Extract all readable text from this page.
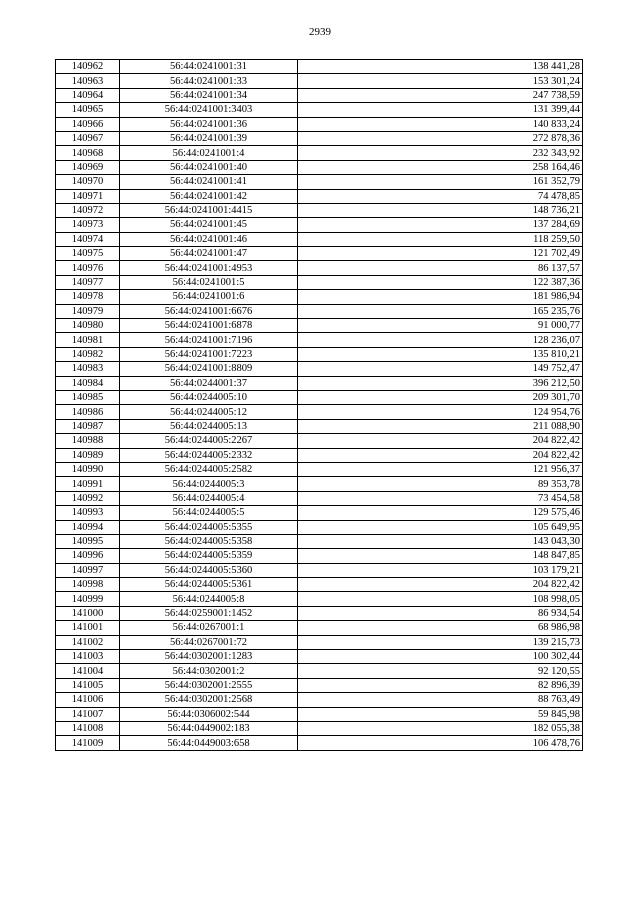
2939
140962	56:44:0241001:31	138 441,28
140963	56:44:0241001:33	153 301,24
140964	56:44:0241001:34	247 738,59
140965	56:44:0241001:3403	131 399,44
140966	56:44:0241001:36	140 833,24
140967	56:44:0241001:39	272 878,36
140968	56:44:0241001:4	232 343,92
140969	56:44:0241001:40	258 164,46
140970	56:44:0241001:41	161 352,79
140971	56:44:0241001:42	74 478,85
140972	56:44:0241001:4415	148 736,21
140973	56:44:0241001:45	137 284,69
140974	56:44:0241001:46	118 259,50
140975	56:44:0241001:47	121 702,49
140976	56:44:0241001:4953	86 137,57
140977	56:44:0241001:5	122 387,36
140978	56:44:0241001:6	181 986,94
140979	56:44:0241001:6676	165 235,76
140980	56:44:0241001:6878	91 000,77
140981	56:44:0241001:7196	128 236,07
140982	56:44:0241001:7223	135 810,21
140983	56:44:0241001:8809	149 752,47
140984	56:44:0244001:37	396 212,50
140985	56:44:0244005:10	209 301,70
140986	56:44:0244005:12	124 954,76
140987	56:44:0244005:13	211 088,90
140988	56:44:0244005:2267	204 822,42
140989	56:44:0244005:2332	204 822,42
140990	56:44:0244005:2582	121 956,37
140991	56:44:0244005:3	89 353,78
140992	56:44:0244005:4	73 454,58
140993	56:44:0244005:5	129 575,46
140994	56:44:0244005:5355	105 649,95
140995	56:44:0244005:5358	143 043,30
140996	56:44:0244005:5359	148 847,85
140997	56:44:0244005:5360	103 179,21
140998	56:44:0244005:5361	204 822,42
140999	56:44:0244005:8	108 998,05
141000	56:44:0259001:1452	86 934,54
141001	56:44:0267001:1	68 986,98
141002	56:44:0267001:72	139 215,73
141003	56:44:0302001:1283	100 302,44
141004	56:44:0302001:2	92 120,55
141005	56:44:0302001:2555	82 896,39
141006	56:44:0302001:2568	88 763,49
141007	56:44:0306002:544	59 845,98
141008	56:44:0449002:183	182 055,38
141009	56:44:0449003:658	106 478,76
